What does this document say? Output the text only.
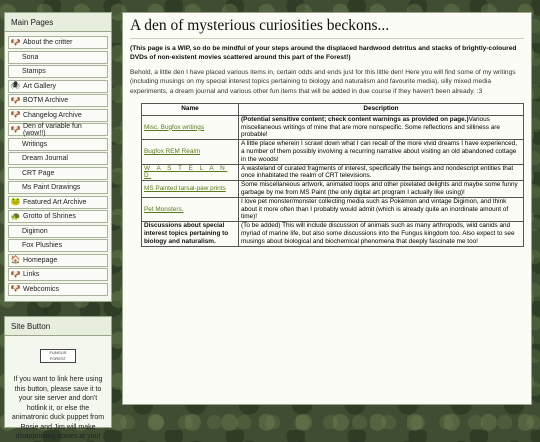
Main Pages
🐶 About the critter
Sona
Stamps
🕷 Art Gallery
🐶 BOTM Archive
🐶 Changelog Archive
🐶 Den of variable fun (wow!!)
Writings
Dream Journal
CRT Page
Ms Paint Drawings
🐸 Featured Art Archive
🐢 Grotto of Shrines
Digimon
Fox Plushies
🏠 Homepage
🐶 Links
🐶 Webcomics
Site Button
FUNGUS FOREST
If you want to link here using this button, please save it to your site server and don't hotlink it, or else the animatronic duck puppet from Rosie and Jim will make disapproving noises at you!
A den of mysterious curiosities beckons...

(This page is a WIP, so do be mindful of your steps around the displaced hardwood detritus and stacks of brightly-coloured DVDs of non-existent movies scattered around this part of the Forest!)

Behold, a little den I have placed various items in, certain odds and ends just for this little den! Here you will find some of my writings (including musings on my special interest topics pertaining to biology and naturalism and favourite media), silly mixed media experiments, a dream journal and various other fun items that will be added in due course if they haven't been already. :3

Name	Description
Misc. Bugfox writings	(Potential sensitive content; check content warnings as provided on page.)Various miscellaneous writings of mine that are more nonspecific. Some reflections and silliness are probable!
Bugfox REM Realm	A little place wherein I scrawl down what I can recall of the more vivid dreams I have experienced, a number of them possibly involving a recurring narrative about visiting an old abandoned cottage in the woods!
W A S T E L A N D	A wasteland of curated fragments of interest, specifically the beings and nondescript entities that once inhabitated the realm of CRT televisions.
MS Painted tarsal-paw prints	Some miscellaneous artwork, animated loops and other pixelated delights and maybe some funny garbage by me from MS Paint (the only digital art program I actually like using)!
Pet Monsters.	I love pet monster/monster collecting media such as Pokémon and vintage Digimon, and think about it more often than I probably would admit (which is already quite an inordinate amount of time)!
Discussions about special interest topics pertaining to biology and naturalism.	(To be added) This will include discussion of animals such as many arthropods, wild canids and myriad of marine life, but also some discussions into the Fungus kingdom too. Also expect to see musings about biological and biochemical phenomena that deeply fascinate me too!
